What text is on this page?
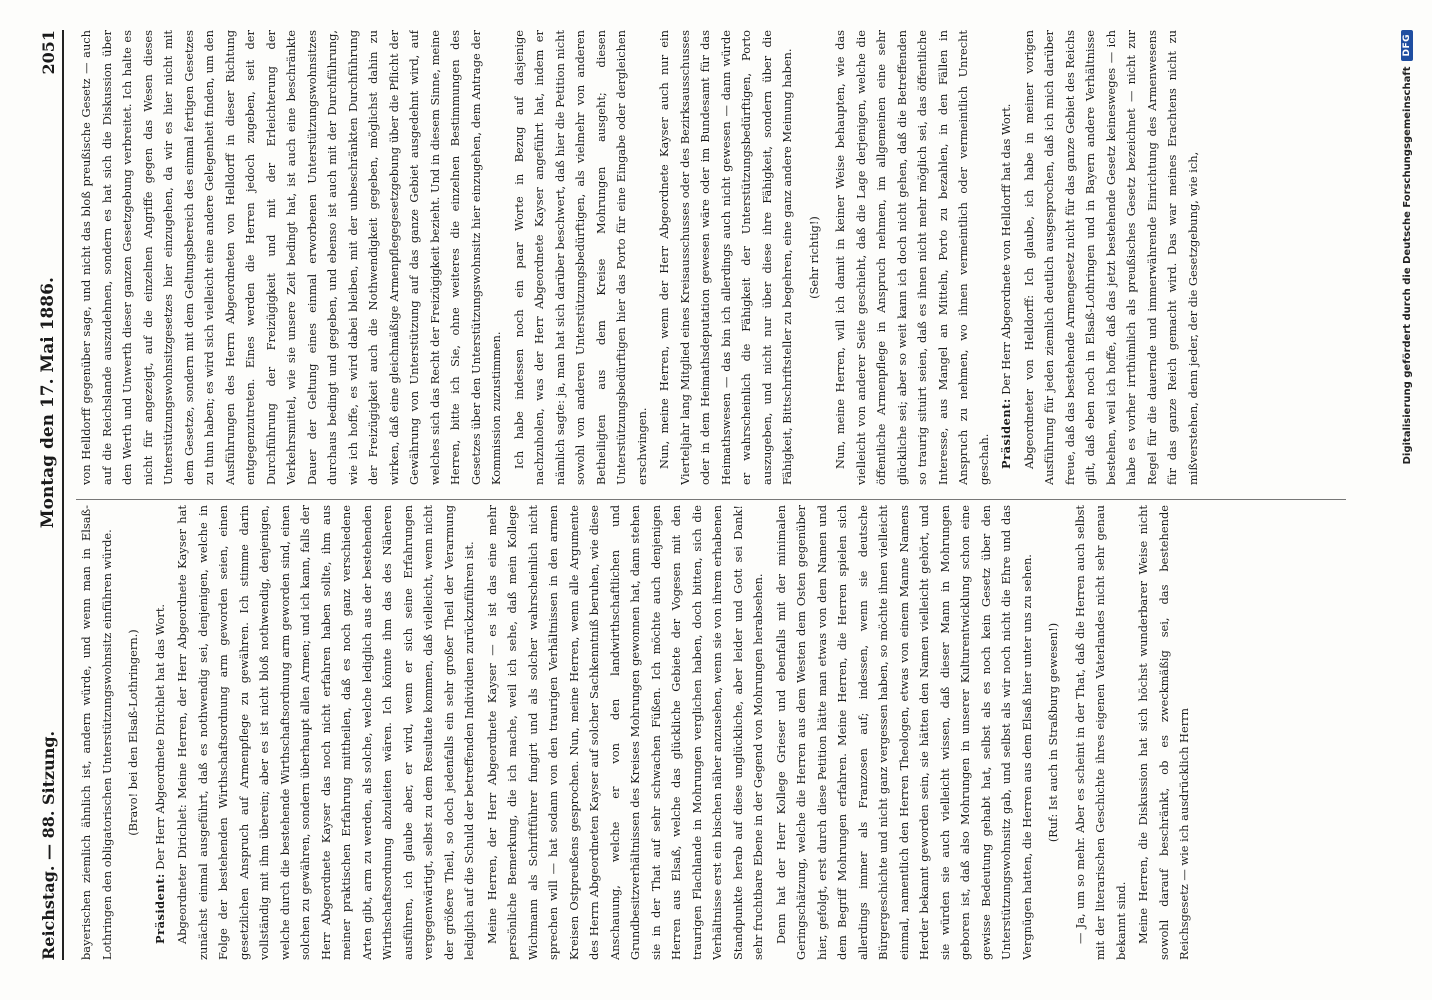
Reichstag. — 88. Sitzung.
Montag den 17. Mai 1886.
2051

bayerischen ziemlich ähnlich ist, andern würde, und wenn man in Elsaß-Lothringen den obligatorischen Unterstützungswohnsitz einführen würde.	(Bravo! bei den Elsaß-Lothringern.)

Präsident: Der Herr Abgeordnete Dirichlet hat das Wort. Abgeordneter Dirichlet: Meine Herren, der Herr Abgeordnete Kayser hat zunächst einmal ausgeführt, daß es nothwendig sei, denjenigen, welche in Folge der bestehenden Wirthschaftsordnung arm geworden seien, einen gesetzlichen Anspruch auf Armenpflege zu gewähren. Ich stimme darin vollständig mit ihm überein; aber es ist nicht bloß nothwendig, denjenigen, welche durch die bestehende Wirthschaftsordnung arm geworden sind, einen solchen zu gewähren, sondern überhaupt allen Armen; und ich kann, falls der Herr Abgeordnete Kayser das noch nicht erfahren haben sollte, ihm aus meiner praktischen Erfahrung mittheilen, daß es noch ganz verschiedene Arten gibt, arm zu werden, als solche, welche lediglich aus der bestehenden Wirthschaftsordnung abzuleiten wären. Ich könnte ihm das des Näheren ausführen, ich glaube aber, er wird, wenn er sich seine Erfahrungen vergegenwärtigt, selbst zu dem Resultate kommen, daß vielleicht, wenn nicht der größere Theil, so doch jedenfalls ein sehr großer Theil der Verarmung lediglich auf die Schuld der betreffenden Individuen zurückzuführen ist. Meine Herren, der Herr Abgeordnete Kayser — es ist das eine mehr persönliche Bemerkung, die ich mache, weil ich sehe, daß mein Kollege Wichmann als Schriftführer fungirt und als solcher wahrscheinlich nicht sprechen will — hat sodann von den traurigen Verhältnissen in den armen Kreisen Ostpreußens gesprochen. Nun, meine Herren, wenn alle Argumente des Herrn Abgeordneten Kayser auf solcher Sachkenntniß beruhen, wie diese Anschauung, welche er von den landwirthschaftlichen und Grundbesitzverhältnissen des Kreises Mohrungen gewonnen hat, dann stehen sie in der That auf sehr schwachen Füßen. Ich möchte auch denjenigen Herren aus Elsaß, welche das glückliche Gebiete der Vogesen mit den traurigen Flachlande in Mohrungen verglichen haben, doch bitten, sich die Verhältnisse erst ein bischen näher anzusehen, wenn sie von ihrem erhabenen Standpunkte herab auf diese unglückliche, aber leider und Gott sei Dank! sehr fruchtbare Ebene in der Gegend von Mohrungen herabsehen. Denn hat der Herr Kollege Grieser und ebenfalls mit der minimalen Geringschätzung, welche die Herren aus dem Westen dem Osten gegenüber hier, gefolgt, erst durch diese Petition hätte man etwas von dem Namen und dem Begriff Mohrungen erfahren. Meine Herren, die Herren spielen sich allerdings immer als Franzosen auf; indessen, wenn sie deutsche Bürgergeschichte und nicht ganz vergessen haben, so möchte ihnen vielleicht einmal, namentlich den Herren Theologen, etwas von einem Manne Namens Herder bekannt geworden sein, sie hätten den Namen vielleicht gehört, und sie würden sie auch vielleicht wissen, daß dieser Mann in Mohrungen geboren ist, daß also Mohrungen in unserer Kulturentwicklung schon eine gewisse Bedeutung gehabt hat, selbst als es noch kein Gesetz über den Unterstützungswohnsitz gab, und selbst als wir noch nicht die Ehre und das Vergnügen hatten, die Herren aus dem Elsaß hier unter uns zu sehen.	(Ruf: Ist auch in Straßburg gewesen!)	— Ja, um so mehr. Aber es scheint in der That, daß die Herren auch selbst mit der literarischen Geschichte ihres eigenen Vaterlandes nicht sehr genau bekannt sind. Meine Herren, die Diskussion hat sich höchst wunderbarer Weise nicht sowohl darauf beschränkt, ob es zweckmäßig sei, das bestehende Reichsgesetz — wie ich ausdrücklich Herrn

von Helldorff gegenüber sage, und nicht das bloß preußische Gesetz — auch auf die Reichslande auszudehnen, sondern es hat sich die Diskussion über den Werth und Unwerth dieser ganzen Gesetzgebung verbreitet. Ich halte es nicht für angezeigt, auf die einzelnen Angriffe gegen das Wesen dieses Unterstützungswohnsitzgesetzes hier einzugehen, da wir es hier nicht mit dem Gesetze, sondern mit dem Geltungsbereich des einmal fertigen Gesetzes zu thun haben; es wird sich vielleicht eine andere Gelegenheit finden, um den Ausführungen des Herrn Abgeordneten von Helldorff in dieser Richtung entgegenzutreten. Eines werden die Herren jedoch zugeben, seit der Durchführung der Freizügigkeit und mit der Erleichterung der Verkehrsmittel, wie sie unsere Zeit bedingt hat, ist auch eine beschränkte Dauer der Geltung eines einmal erworbenen Unterstützungswohnsitzes durchaus bedingt und gegeben, und ebenso ist auch mit der Durchführung, wie ich hoffe, es wird dabei bleiben, mit der unbeschränkten Durchführung der Freizügigkeit auch die Nothwendigkeit gegeben, möglichst dahin zu wirken, daß eine gleichmäßige Armenpflegegesetzgebung über die Pflicht der Gewährung von Unterstützung auf das ganze Gebiet ausgedehnt wird, auf welches sich das Recht der Freizügigkeit bezieht. Und in diesem Sinne, meine Herren, bitte ich Sie, ohne weiteres die einzelnen Bestimmungen des Gesetzes über den Unterstützungswohnsitz hier einzugehen, dem Antrage der Kommission zuzustimmen. Ich habe indessen noch ein paar Worte in Bezug auf dasjenige nachzuholen, was der Herr Abgeordnete Kayser angeführt hat, indem er nämlich sagte: ja, man hat sich darüber beschwert, daß hier die Petition nicht sowohl von anderen Unterstützungsbedürftigen, als vielmehr von anderen Betheiligten aus dem Kreise Mohrungen ausgeht; diesen Unterstützungsbedürftigen hier das Porto für eine Eingabe oder dergleichen erschwingen. Nun, meine Herren, wenn der Herr Abgeordnete Kayser auch nur ein Vierteljahr lang Mitglied eines Kreisausschusses oder des Bezirksausschusses oder in dem Heimathsdeputation gewesen wäre oder im Bundesamt für das Heimathswesen — das bin ich allerdings auch nicht gewesen — dann würde er wahrscheinlich die Fähigkeit der Unterstützungsbedürftigen, Porto auszugeben, und nicht nur über diese ihre Fähigkeit, sondern über die Fähigkeit, Bittschriftsteller zu begehren, eine ganz andere Meinung haben.	(Sehr richtig!)	Nun, meine Herren, will ich damit in keiner Weise behaupten, wie das vielleicht von anderer Seite geschieht, daß die Lage derjenigen, welche die öffentliche Armenpflege in Anspruch nehmen, im allgemeinen eine sehr glückliche sei; aber so weit kann ich doch nicht gehen, daß die Betreffenden so traurig situirt seien, daß es ihnen nicht mehr möglich sei, das öffentliche Interesse, aus Mangel an Mitteln, Porto zu bezahlen, in den Fällen in Anspruch zu nehmen, wo ihnen vermeintlich oder vermeintlich Unrecht geschah. Präsident: Der Herr Abgeordnete von Helldorff hat das Wort. Abgeordneter von Helldorff: Ich glaube, ich habe in meiner vorigen Ausführung für jeden ziemlich deutlich ausgesprochen, daß ich mich darüber freue, daß das bestehende Armengesetz nicht für das ganze Gebiet des Reichs gilt, daß eben noch in Elsaß-Lothringen und in Bayern andere Verhältnisse bestehen, weil ich hoffe, daß das jetzt bestehende Gesetz keinesweges — ich habe es vorher irrthümlich als preußisches Gesetz bezeichnet — nicht zur Regel für die dauernde und immerwährende Einrichtung des Armenwesens für das ganze Reich gemacht wird. Das war meines Erachtens nicht zu mißverstehen, denn jeder, der die Gesetzgebung, wie ich,	Digitalisierung gefördert durch die Deutsche Forschungsgemeinschaft
DFG
